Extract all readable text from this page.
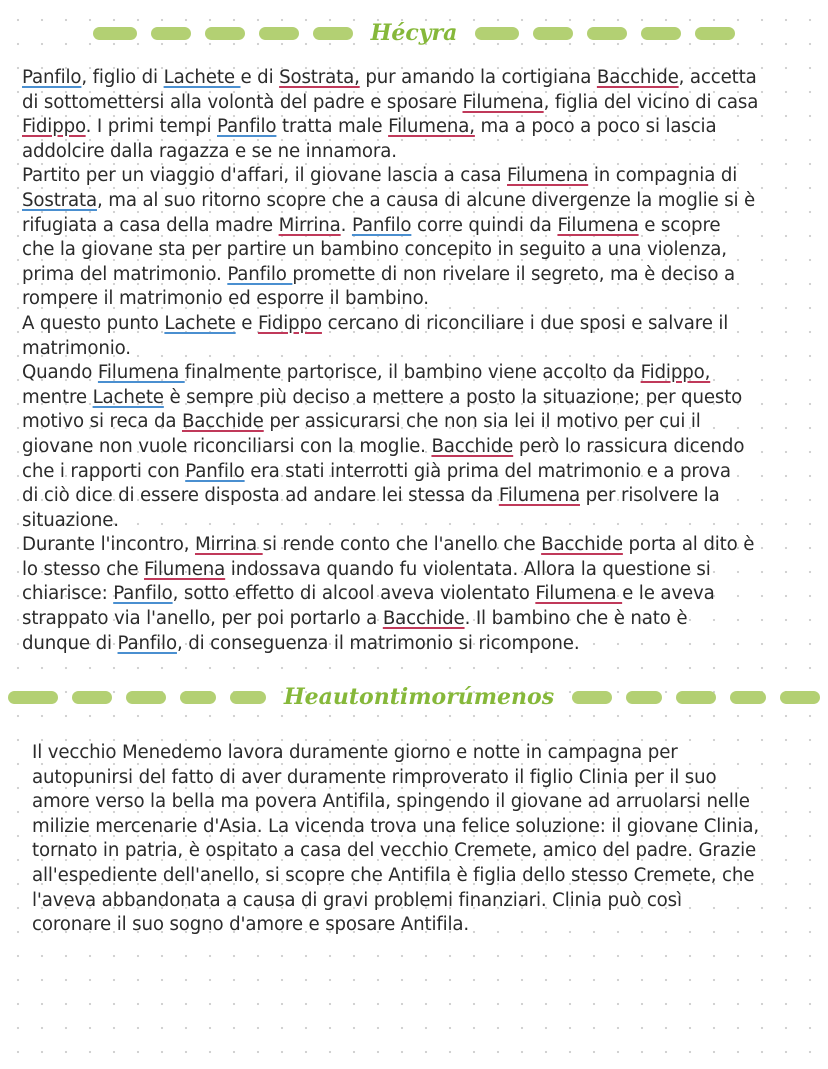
Hécyra
Panfilo, figlio di Lachete e di Sostrata, pur amando la cortigiana Bacchide, accetta
di sottomettersi alla volontà del padre e sposare Filumena, figlia del vicino di casa
Fidippo. I primi tempi Panfilo tratta male Filumena, ma a poco a poco si lascia
addolcire dalla ragazza e se ne innamora.
Partito per un viaggio d'affari, il giovane lascia a casa Filumena in compagnia di
Sostrata, ma al suo ritorno scopre che a causa di alcune divergenze la moglie si è
rifugiata a casa della madre Mirrina. Panfilo corre quindi da Filumena e scopre
che la giovane sta per partire un bambino concepito in seguito a una violenza,
prima del matrimonio. Panfilo promette di non rivelare il segreto, ma è deciso a
rompere il matrimonio ed esporre il bambino.
A questo punto Lachete e Fidippo cercano di riconciliare i due sposi e salvare il
matrimonio.
Quando Filumena finalmente partorisce, il bambino viene accolto da Fidippo,
mentre Lachete è sempre più deciso a mettere a posto la situazione; per questo
motivo si reca da Bacchide per assicurarsi che non sia lei il motivo per cui il
giovane non vuole riconciliarsi con la moglie. Bacchide però lo rassicura dicendo
che i rapporti con Panfilo era stati interrotti già prima del matrimonio e a prova
di ciò dice di essere disposta ad andare lei stessa da Filumena per risolvere la
situazione.
Durante l'incontro, Mirrina si rende conto che l'anello che Bacchide porta al dito è
lo stesso che Filumena indossava quando fu violentata. Allora la questione si
chiarisce: Panfilo, sotto effetto di alcool aveva violentato Filumena e le aveva
strappato via l'anello, per poi portarlo a Bacchide. Il bambino che è nato è
dunque di Panfilo, di conseguenza il matrimonio si ricompone.
Heautontimorúmenos
Il vecchio Menedemo lavora duramente giorno e notte in campagna per
autopunirsi del fatto di aver duramente rimproverato il figlio Clinia per il suo
amore verso la bella ma povera Antifila, spingendo il giovane ad arruolarsi nelle
milizie mercenarie d'Asia. La vicenda trova una felice soluzione: il giovane Clinia,
tornato in patria, è ospitato a casa del vecchio Cremete, amico del padre. Grazie
all'espediente dell'anello, si scopre che Antifila è figlia dello stesso Cremete, che
l'aveva abbandonata a causa di gravi problemi finanziari. Clinia può così
coronare il suo sogno d'amore e sposare Antifila.
